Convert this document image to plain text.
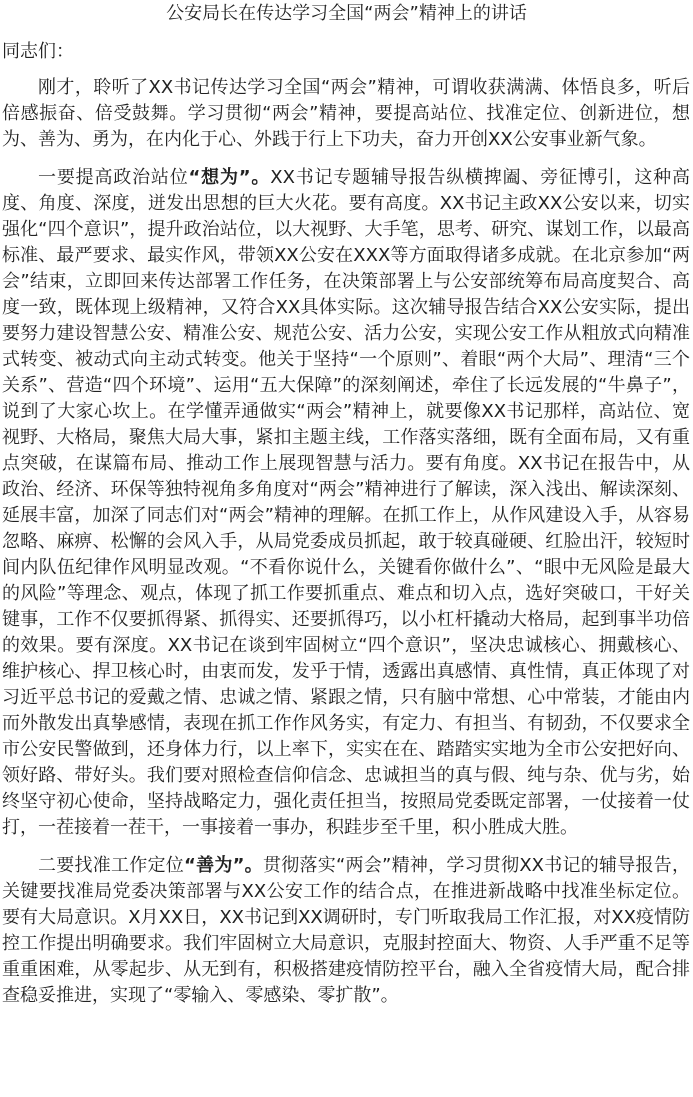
公安局长在传达学习全国“两会”精神上的讲话
同志们：

刚才，聆听了XX书记传达学习全国“两会”精神，可谓收获满满、体悟良多，听后倍感振奋、倍受鼓舞。学习贯彻“两会”精神，要提高站位、找准定位、创新进位，想为、善为、勇为，在内化于心、外践于行上下功夫，奋力开创XX公安事业新气象。

一要提高政治站位“想为”。XX书记专题辅导报告纵横捭阖、旁征博引，这种高度、角度、深度，迸发出思想的巨大火花。要有高度。XX书记主政XX公安以来，切实强化“四个意识”，提升政治站位，以大视野、大手笔，思考、研究、谋划工作，以最高标准、最严要求、最实作风，带领XX公安在XXX等方面取得诸多成就。在北京参加“两会”结束，立即回来传达部署工作任务，在决策部署上与公安部统筹布局高度契合、高度一致，既体现上级精神，又符合XX具体实际。这次辅导报告结合XX公安实际，提出要努力建设智慧公安、精准公安、规范公安、活力公安，实现公安工作从粗放式向精准式转变、被动式向主动式转变。他关于坚持“一个原则”、着眼“两个大局”、理清“三个关系”、营造“四个环境”、运用“五大保障”的深刻阐述，牵住了长远发展的“牛鼻子”，说到了大家心坎上。在学懂弄通做实“两会”精神上，就要像XX书记那样，高站位、宽视野、大格局，聚焦大局大事，紧扣主题主线，工作落实落细，既有全面布局，又有重点突破，在谋篇布局、推动工作上展现智慧与活力。要有角度。XX书记在报告中，从政治、经济、环保等独特视角多角度对“两会”精神进行了解读，深入浅出、解读深刻、延展丰富，加深了同志们对“两会”精神的理解。在抓工作上，从作风建设入手，从容易忽略、麻痹、松懈的会风入手，从局党委成员抓起，敢于较真碰硬、红脸出汗，较短时间内队伍纪律作风明显改观。“不看你说什么，关键看你做什么”、“眼中无风险是最大的风险”等理念、观点，体现了抓工作要抓重点、难点和切入点，选好突破口，干好关键事，工作不仅要抓得紧、抓得实、还要抓得巧，以小杠杆撬动大格局，起到事半功倍的效果。要有深度。XX书记在谈到牢固树立“四个意识”，坚决忠诚核心、拥戴核心、维护核心、捍卫核心时，由衷而发，发乎于情，透露出真感情、真性情，真正体现了对习近平总书记的爱戴之情、忠诚之情、紧跟之情，只有脑中常想、心中常装，才能由内而外散发出真挚感情，表现在抓工作作风务实，有定力、有担当、有韧劲，不仅要求全市公安民警做到，还身体力行，以上率下，实实在在、踏踏实实地为全市公安把好向、领好路、带好头。我们要对照检查信仰信念、忠诚担当的真与假、纯与杂、优与劣，始终坚守初心使命，坚持战略定力，强化责任担当，按照局党委既定部署，一仗接着一仗打，一茬接着一茬干，一事接着一事办，积跬步至千里，积小胜成大胜。

二要找准工作定位“善为”。贯彻落实“两会”精神，学习贯彻XX书记的辅导报告，关键要找准局党委决策部署与XX公安工作的结合点，在推进新战略中找准坐标定位。要有大局意识。X月XX日，XX书记到XX调研时，专门听取我局工作汇报，对XX疫情防控工作提出明确要求。我们牢固树立大局意识，克服封控面大、物资、人手严重不足等重重困难，从零起步、从无到有，积极搭建疫情防控平台，融入全省疫情大局，配合排查稳妥推进，实现了“零输入、零感染、零扩散”。
